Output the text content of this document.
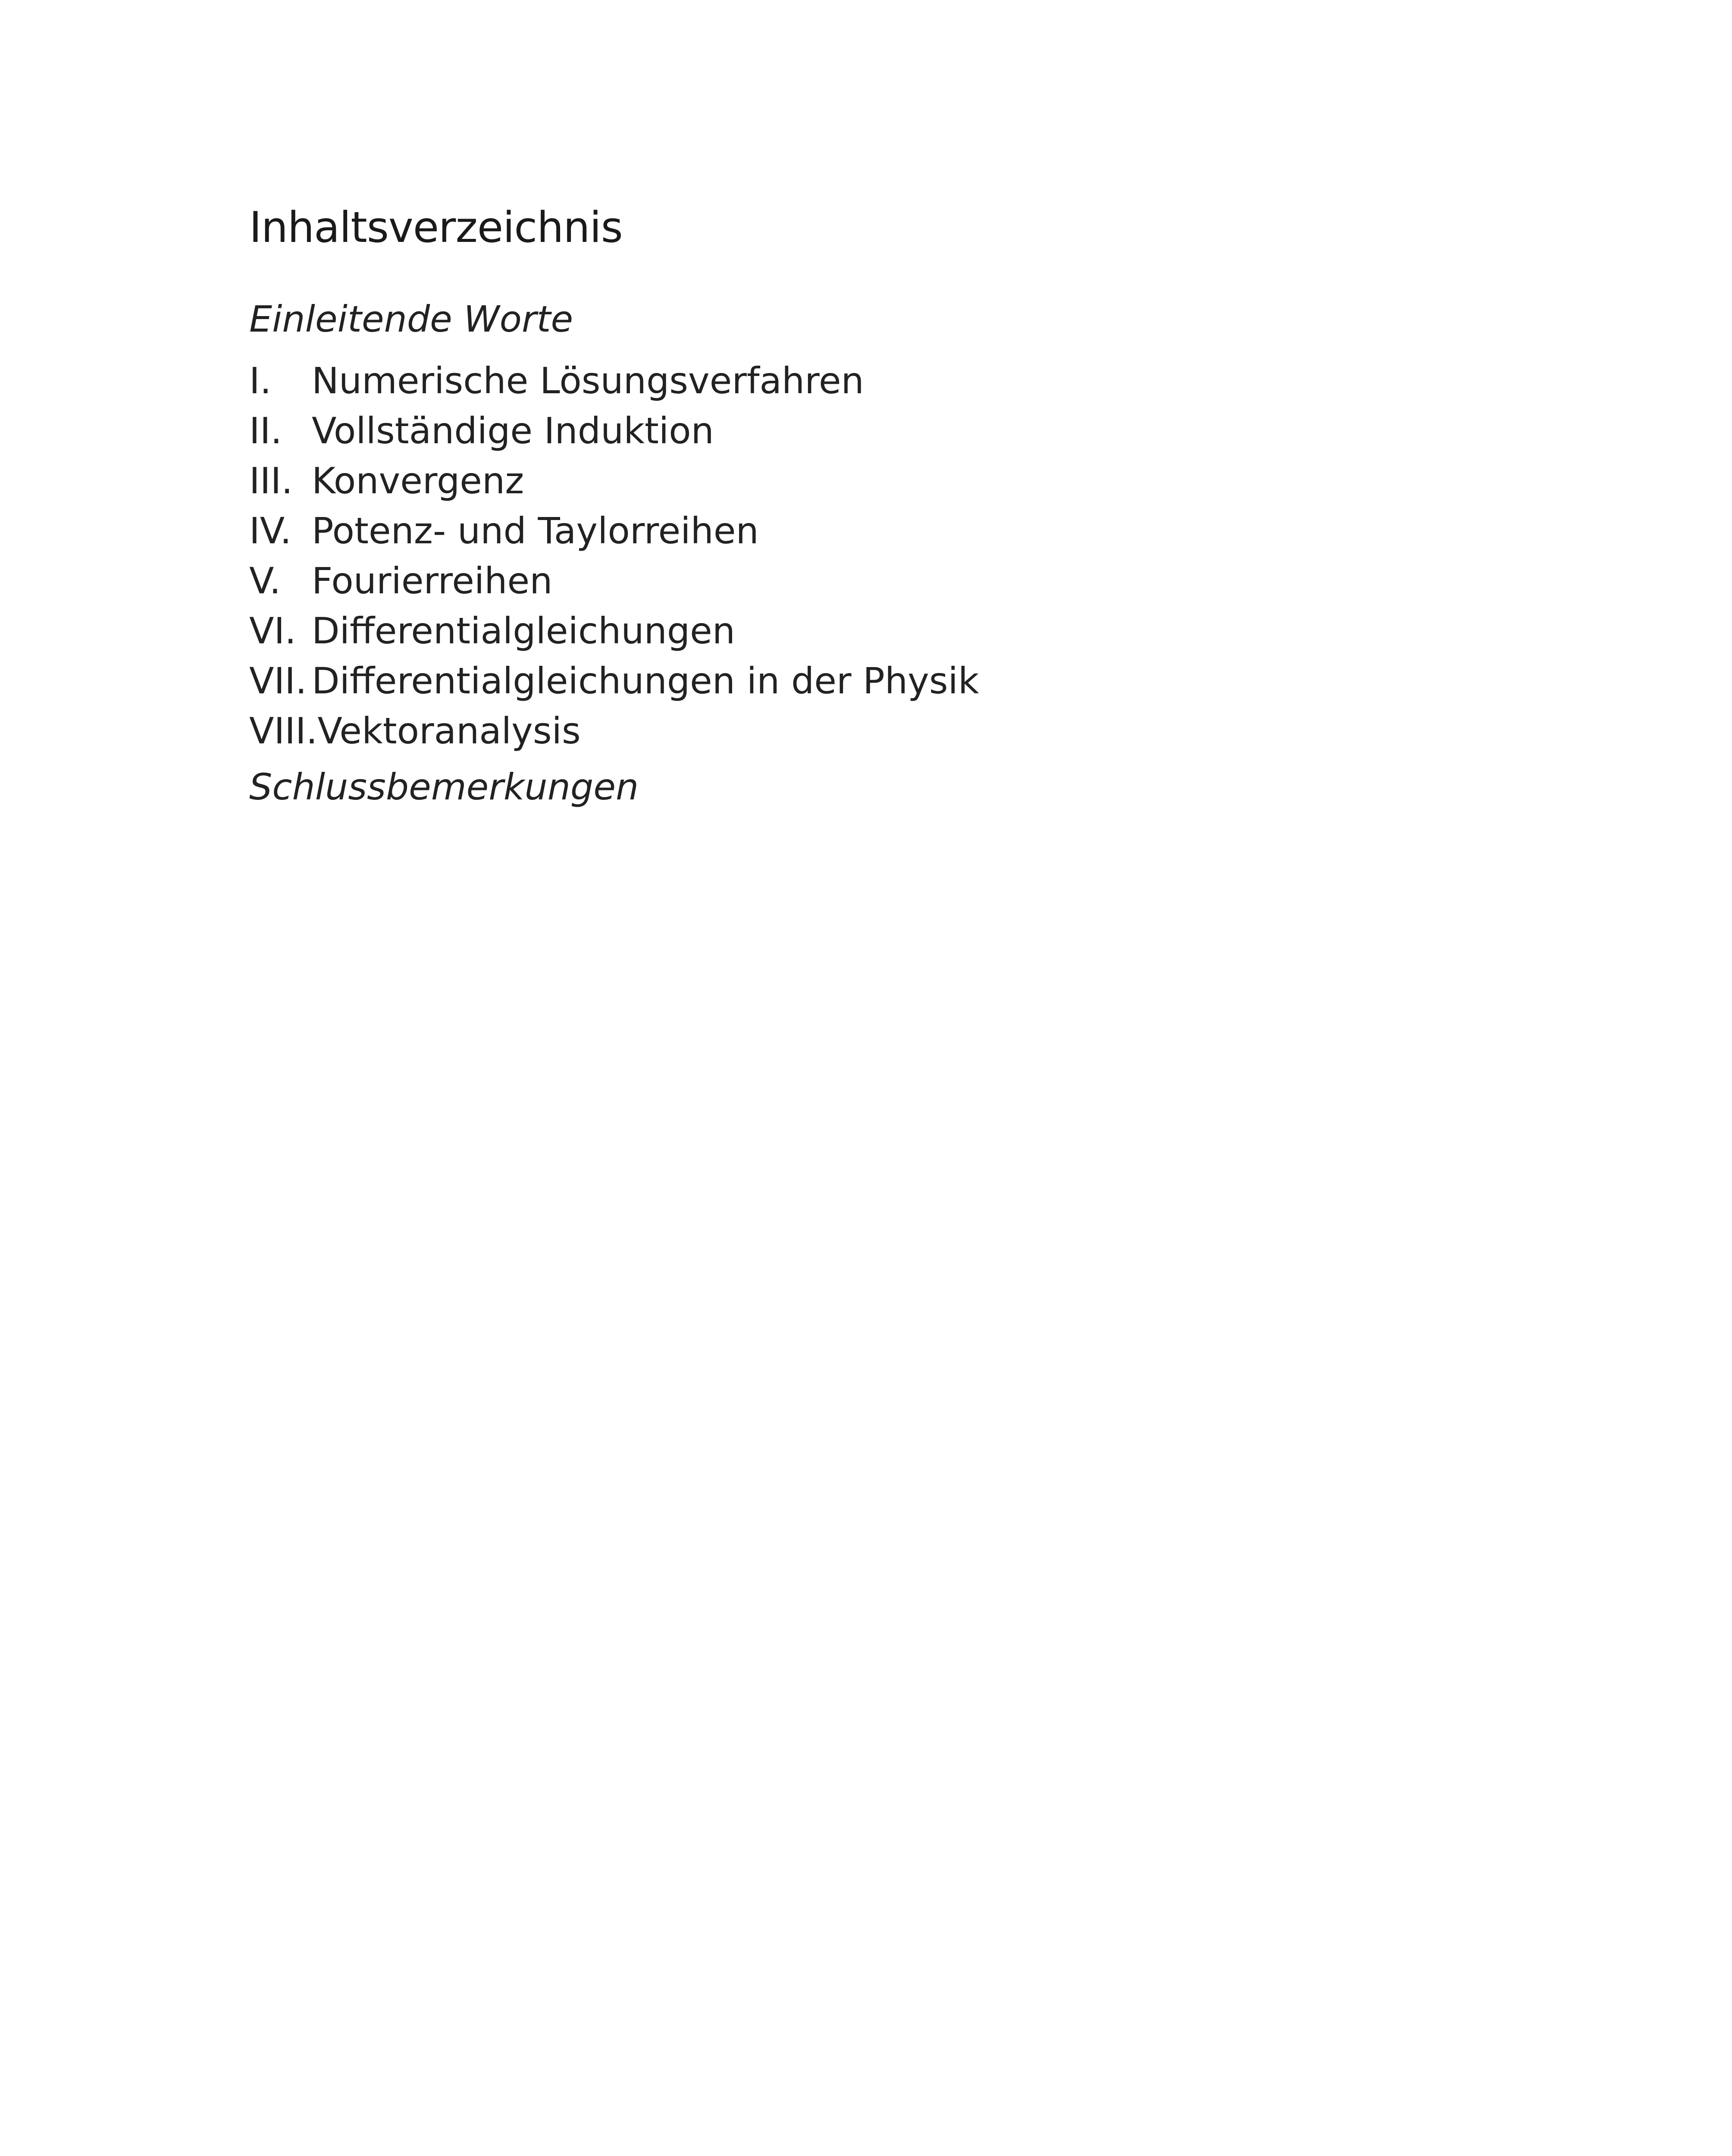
Inhaltsverzeichnis
Einleitende Worte
I. Numerische Lösungsverfahren
II. Vollständige Induktion
III. Konvergenz
IV. Potenz- und Taylorreihen
V. Fourierreihen
VI. Differentialgleichungen
VII. Differentialgleichungen in der Physik
VIII.Vektoranalysis
Schlussbemerkungen
